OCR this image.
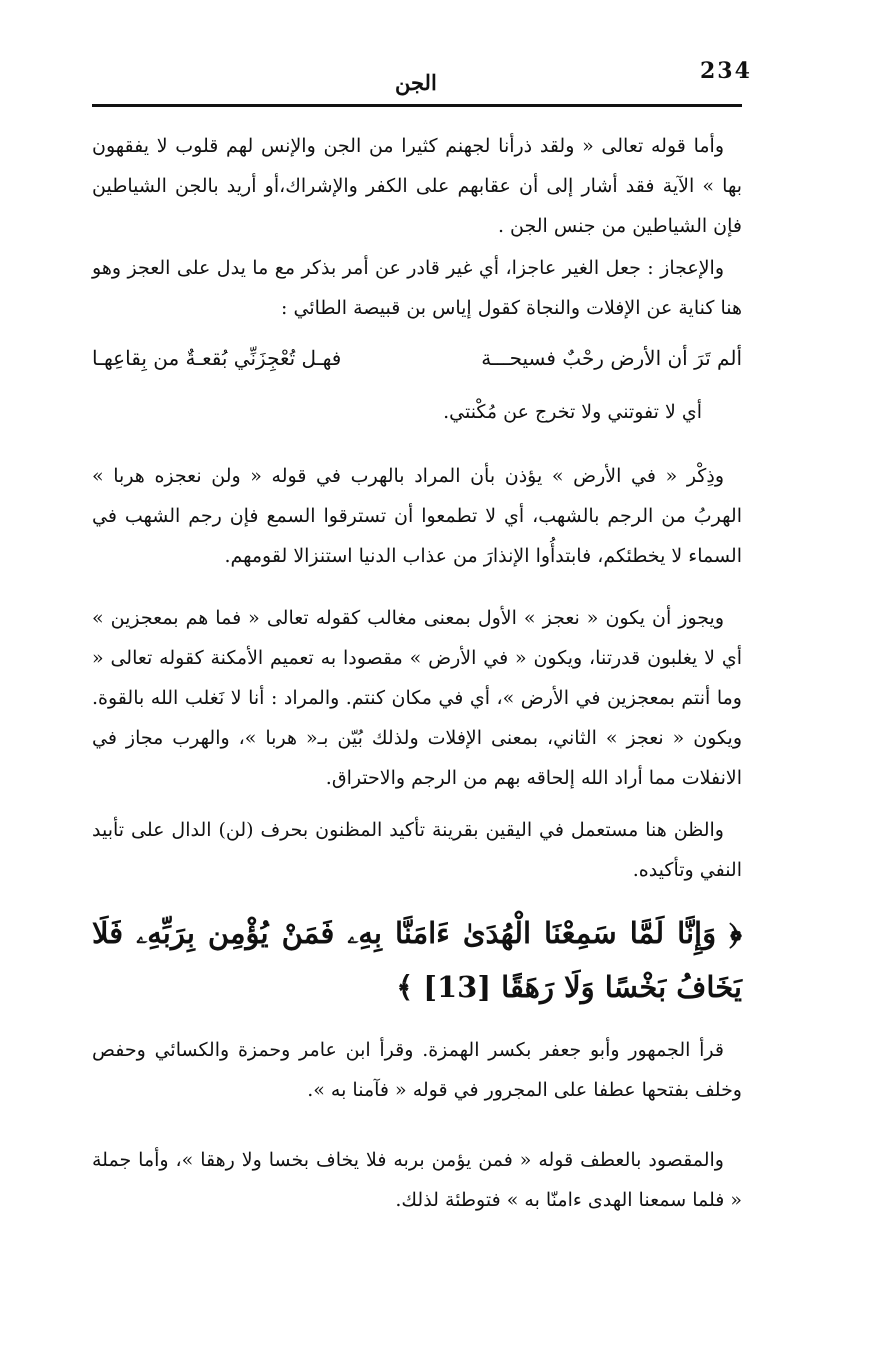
234
الجن
وأما قوله تعالى « ولقد ذرأنا لجهنم كثيرا من الجن والإنس لهم قلوب لا يفقهون بها » الآية فقد أشار إلى أن عقابهم على الكفر والإشراك،أو أريد بالجن الشياطين فإن الشياطين من جنس الجن .
والإعجاز : جعل الغير عاجزا، أي غير قادر عن أمر بذكر مع ما يدل على العجز وهو هنا كناية عن الإفلات والنجاة كقول إياس بن قبيصة الطائي :
ألم تَرَ أن الأرض رحْبٌ فسيحـــة
فهـل تُعْجِزَنِّي بُقعـةٌ من بِقاعِهـا
أي لا تفوتني ولا تخرج عن مُكْنتي.
وذِكْر « في الأرض » يؤذن بأن المراد بالهرب في قوله « ولن نعجزه هربا » الهربُ من الرجم بالشهب، أي لا تطمعوا أن تسترقوا السمع فإن رجم الشهب في السماء لا يخطئكم، فابتدأُوا الإنذارَ من عذاب الدنيا استنزالا لقومهم.
ويجوز أن يكون « نعجز » الأول بمعنى مغالب كقوله تعالى « فما هم بمعجزين » أي لا يغلبون قدرتنا، ويكون « في الأرض » مقصودا به تعميم الأمكنة كقوله تعالى « وما أنتم بمعجزين في الأرض »، أي في مكان كنتم. والمراد : أنا لا نَغلب الله بالقوة. ويكون « نعجز » الثاني، بمعنى الإفلات ولذلك بُيّن بـ« هربا »، والهرب مجاز في الانفلات مما أراد الله إلحاقه بهم من الرجم والاحتراق.
والظن هنا مستعمل في اليقين بقرينة تأكيد المظنون بحرف (لن) الدال على تأبيد النفي وتأكيده.
﴿ وَإِنَّا لَمَّا سَمِعْنَا الْهُدَىٰ ءَامَنَّا بِهِۦ فَمَنْ يُؤْمِن بِرَبِّهِۦ فَلَا يَخَافُ بَخْسًا وَلَا رَهَقًا [13] ﴾
قرأ الجمهور وأبو جعفر بكسر الهمزة. وقرأ ابن عامر وحمزة والكسائي وحفص وخلف بفتحها عطفا على المجرور في قوله « فآمنا به ».
والمقصود بالعطف قوله « فمن يؤمن بربه فلا يخاف بخسا ولا رهقا »، وأما جملة « فلما سمعنا الهدى ءامنّا به » فتوطئة لذلك.
